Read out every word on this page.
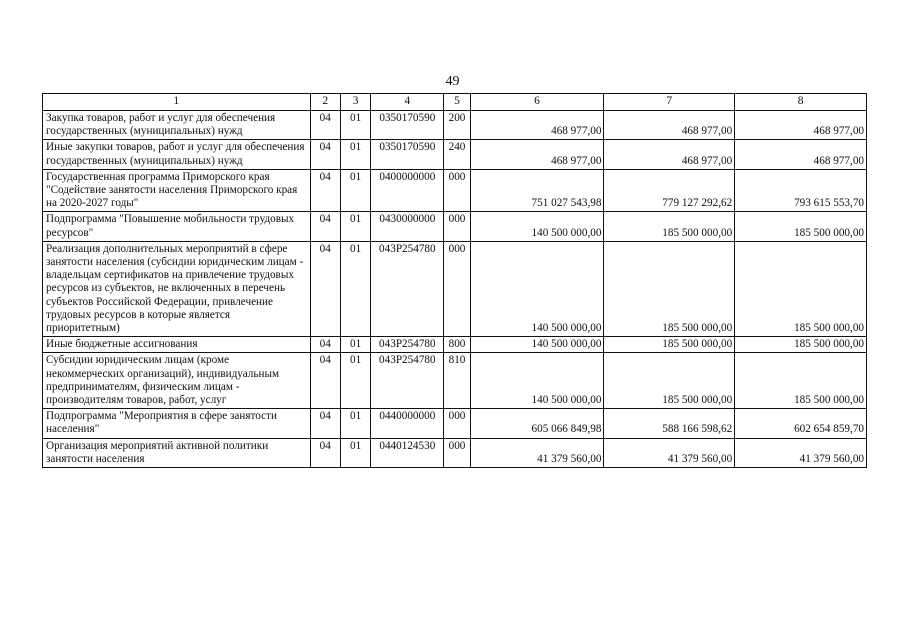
49
1	2	3	4	5	6	7	8
Закупка товаров, работ и услуг для обеспечения государственных (муниципальных) нужд	04	01	0350170590	200	468 977,00	468 977,00	468 977,00
Иные закупки товаров, работ и услуг для обеспечения государственных (муниципальных) нужд	04	01	0350170590	240	468 977,00	468 977,00	468 977,00
Государственная программа Приморского края "Содействие занятости населения Приморского края на 2020-2027 годы"	04	01	0400000000	000	751 027 543,98	779 127 292,62	793 615 553,70
Подпрограмма "Повышение мобильности трудовых ресурсов"	04	01	0430000000	000	140 500 000,00	185 500 000,00	185 500 000,00
Реализация дополнительных мероприятий в сфере занятости населения (субсидии юридическим лицам - владельцам сертификатов на привлечение трудовых ресурсов из субъектов, не включенных в перечень субъектов Российской Федерации, привлечение трудовых ресурсов в которые является приоритетным)	04	01	043P254780	000	140 500 000,00	185 500 000,00	185 500 000,00
Иные бюджетные ассигнования	04	01	043P254780	800	140 500 000,00	185 500 000,00	185 500 000,00
Субсидии юридическим лицам (кроме некоммерческих организаций), индивидуальным предпринимателям, физическим лицам - производителям товаров, работ, услуг	04	01	043P254780	810	140 500 000,00	185 500 000,00	185 500 000,00
Подпрограмма "Мероприятия в сфере занятости населения"	04	01	0440000000	000	605 066 849,98	588 166 598,62	602 654 859,70
Организация мероприятий активной политики занятости населения	04	01	0440124530	000	41 379 560,00	41 379 560,00	41 379 560,00
